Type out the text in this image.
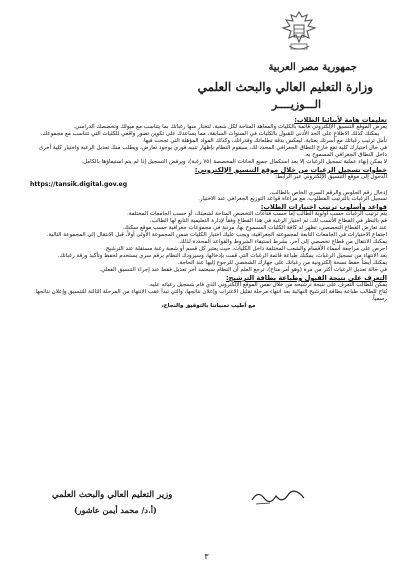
جمهورية مصر العربية
وزارة التعليم العالي والبحث العلمي
الـــوزيــــر
تعليمات هامة لأبنائنا الطلاب:

يعرض الموقع التنسيق الإلكتروني قائمة بالكليات والمعاهد المتاحة لكل شعبة، لتختار منها رغباتك بما يتناسب مع ميولك وتخصصك الدراسي.

يمكنك كذلك الاطلاع على الحد الأدنى للقبول بالكليات في السنوات السابقة، مما يساعدك على تكوين تصور واقعي للكليات التي تتناسب مع مجموعك.

نأمل ترتيب رغباتك مع أسرتك بعناية، ليعكس بدقة تطلعاتك وقدراتك، وكذلك المواد المؤهلة التي تجحت فيها.

في حال اختيارك كلية تقع خارج النطاق الجغرافي المحدد لك، سيقوم النظام بإظهار تنبيه فوري بوجود تعارض، ويطلب منك تعديل الرغبة واختيار كلية أخرى داخل النطاق الجغرافي المسموح به.

لا يمكن إنهاء عملية تسجيل الرغبات إلا بعد استكمال جميع الخانات المخصصة (٧٥ رغبة)، ويرفض التسجيل إذا لم يتم استيفاؤها بالكامل.

خطوات تسجيل الرغبات من خلال موقع التنسيق الإلكتروني:

الدخول إلى موقع التنسيق الإلكتروني عبر الرابط:

https://tansik.digital.gov.eg

إدخال رقم الجلوس والرقم السري الخاص بالطالب.

تسجيل الرغبات بالترتيب المطلوب، مع مراعاة قواعد التوزيع الجغرافي عند الاختيار.

قواعد وأسلوب ترتيب اختيارات الطلاب:

يتم ترتيب الرغبات حسب أولوية الطالب إما حسب قناعات التخصص المتاحة لشعبتك، أو حسب الجامعات المختلفة.

قم بالنظر في القطاع الأنسب لك، ثم اختيار الرغبة في هذا القطاع وفقاً لإدارة التعليمية التابع لها الطالب.

عند تعارض القطاع التخصصي، تظهر له كافة الكليات المسموح بها، مرتبة في مجموعات جغرافية حسب موقع سكنك.

اجتماع الاختيارات في الجامعات التابعة لمجموعته الجغرافية، ويجب عليك اختيار الكليات ضمن المجموعة الأولى أولاً، قبل الانتقال إلى المجموعة التالية.

يمكنك الانتقال من قطاع تخصصي إلى آخر، بشرط استيفاء الشروط والقواعد المحددة لذلك.

احرص على مراجعة أسماء الأقسام والشعب المختلفة داخل الكليات، حيث يعتبر كل قسم أو شعبة رغبة مستقلة عند الترشيح.

بعد الانتهاء من تسجيل الرغبات، يمكنك طباعة قائمة الرغبات التي قمت بإدخالها، وسيزودك النظام برقم سري يستخدم لحفظ وتأكيد ورقة رغباتك.

يمكنك أيضاً حفظ نسخة إلكترونية من رغباتك على جهازك الشخصي للرجوع إليها عند الحاجة.

في حالة تعديل الرغبات أكثر من مرة (وهو أمر متاح)، ترجع العلم أن النظام سيعتمد آخر تعديل فقط عند إجراء التنسيق الفعلي.

التعرف على نتيجة القبول وطباعة بطاقة الترشيح:

يمكن للطالب التعرف على نتيجة ترشيحه من خلال نفس الموقع الإلكتروني الذي قام بتسجيل رغباته عليه.

يُتاح للطالب طباعة بطاقة الترشيح النهائية بعد انتهاء مرحلة تقليل الاغتراب وإعلان نتائجها، والتي تبدأ عقب الانتهاء من المرحلة الثالثة للتنسيق وإعلان نتائجها رسمياً.

مع أطيب تمنياتنا بالتوفيق والنجاح،

وزير التعليم العالي والبحث العلمي
(أ.د/ محمد أيمن عاشور)
٣
